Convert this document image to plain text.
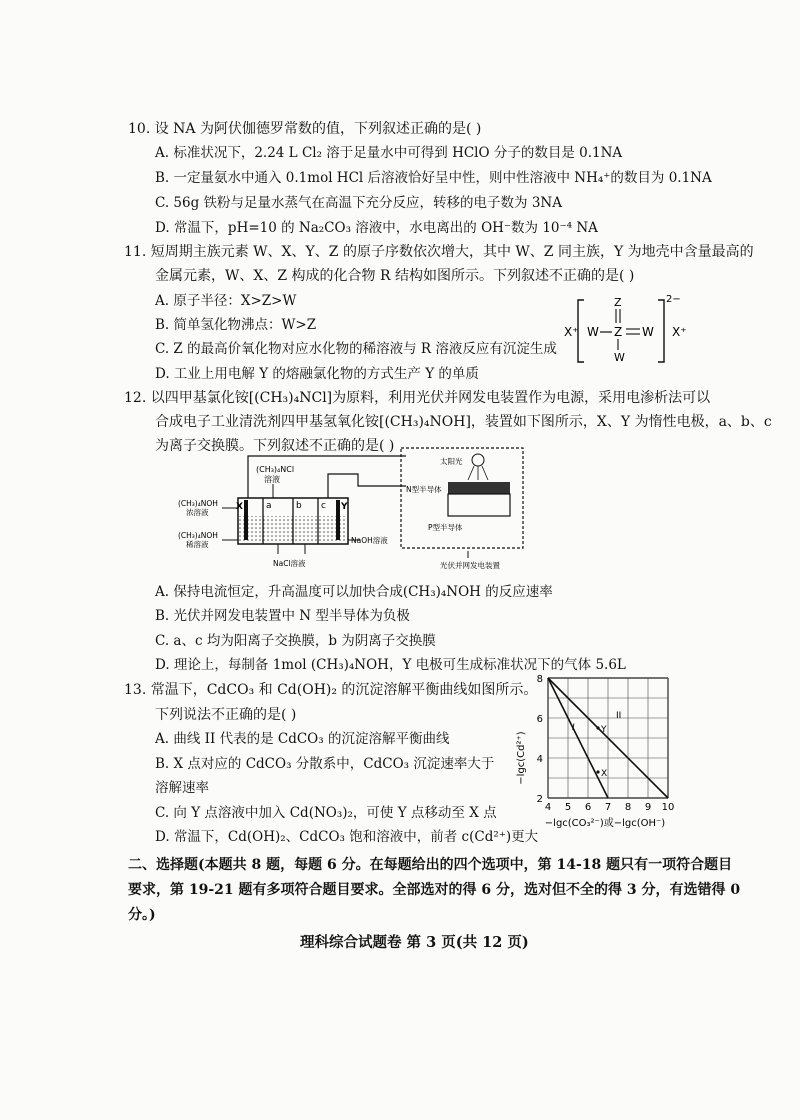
10. 设 NA 为阿伏伽德罗常数的值，下列叙述正确的是( )
A. 标准状况下，2.24 L Cl₂ 溶于足量水中可得到 HClO 分子的数目是 0.1NA
B. 一定量氨水中通入 0.1mol HCl 后溶液恰好呈中性，则中性溶液中 NH₄⁺的数目为 0.1NA
C. 56g 铁粉与足量水蒸气在高温下充分反应，转移的电子数为 3NA
D. 常温下，pH=10 的 Na₂CO₃ 溶液中，水电离出的 OH⁻数为 10⁻⁴ NA
11. 短周期主族元素 W、X、Y、Z 的原子序数依次增大，其中 W、Z 同主族，Y 为地壳中含量最高的
金属元素，W、X、Z 构成的化合物 R 结构如图所示。下列叙述不正确的是( )
A. 原子半径：X>Z>W
B. 简单氢化物沸点：W>Z
C. Z 的最高价氧化物对应水化物的稀溶液与 R 溶液反应有沉淀生成
D. 工业上用电解 Y 的熔融氯化物的方式生产 Y 的单质
X⁺ W Z
Z
W
W
2−
X⁺
12. 以四甲基氯化铵[(CH₃)₄NCl]为原料，利用光伏并网发电装置作为电源，采用电渗析法可以
合成电子工业清洗剂四甲基氢氧化铵[(CH₃)₄NOH]，装置如下图所示，X、Y 为惰性电极，a、b、c
为离子交换膜。下列叙述不正确的是( )
(CH₃)₄NCl
溶液
X	Y
a	b c
(CH₃)₄NOH
浓溶液
(CH₃)₄NOH
稀溶液
NaCl溶液
NaOH溶液
太阳光
N型半导体
P型半导体
光伏并网发电装置
A. 保持电流恒定，升高温度可以加快合成(CH₃)₄NOH 的反应速率
B. 光伏并网发电装置中 N 型半导体为负极
C. a、c 均为阳离子交换膜，b 为阴离子交换膜
D. 理论上，每制备 1mol (CH₃)₄NOH，Y 电极可生成标准状况下的气体 5.6L
13. 常温下，CdCO₃ 和 Cd(OH)₂ 的沉淀溶解平衡曲线如图所示。
下列说法不正确的是( )
A. 曲线 II 代表的是 CdCO₃ 的沉淀溶解平衡曲线
B. X 点对应的 CdCO₃ 分散系中，CdCO₃ 沉淀速率大于
溶解速率
C. 向 Y 点溶液中加入 Cd(NO₃)₂，可使 Y 点移动至 X 点
D. 常温下，Cd(OH)₂、CdCO₃ 饱和溶液中，前者 c(Cd²⁺)更大
4 5 6 7 8 9 10
2
4
6
8
I
II
Y
X
−lgc(Cd²⁺)
−lgc(CO₃²⁻)或−lgc(OH⁻)
二、选择题(本题共 8 题，每题 6 分。在每题给出的四个选项中，第 14-18 题只有一项符合题目
要求，第 19-21 题有多项符合题目要求。全部选对的得 6 分，选对但不全的得 3 分，有选错得 0
分。)
理科综合试题卷 第 3 页(共 12 页)
